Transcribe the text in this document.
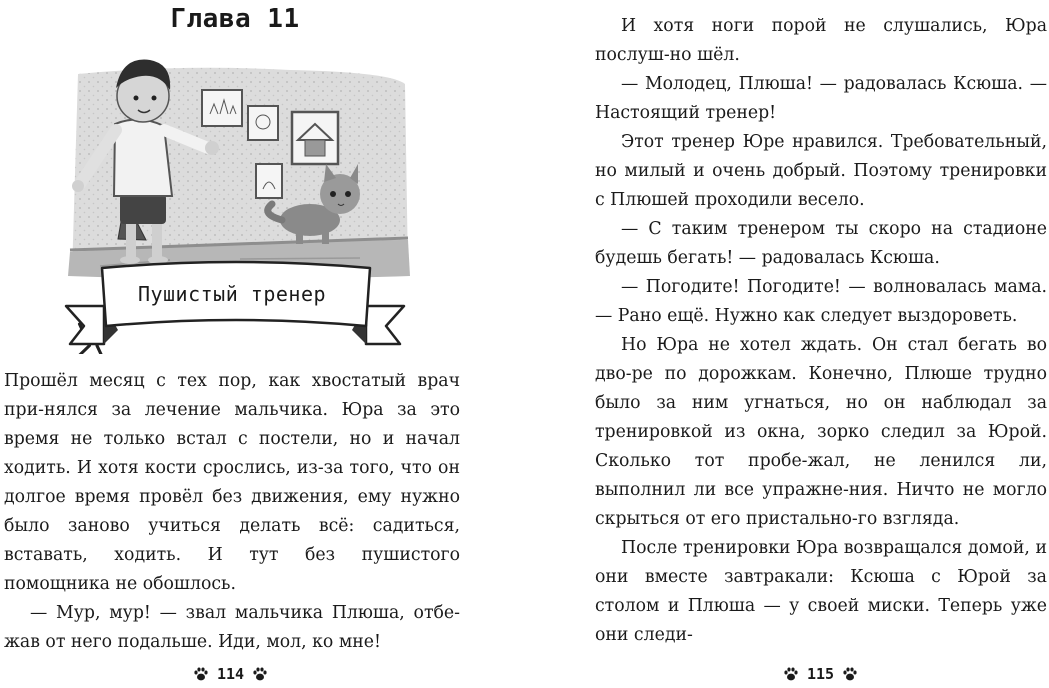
Глава 11
Пушистый тренер

Прошёл месяц с тех пор, как хвостатый врач при-нялся за лечение мальчика. Юра за это время не только встал с постели, но и начал ходить. И хотя кости срослись, из-за того, что он долгое время провёл без движения, ему нужно было заново учиться делать всё: садиться, вставать, ходить. И тут без пушистого помощника не обошлось.

— Мур, мур! — звал мальчика Плюша, отбе-жав от него подальше. Иди, мол, ко мне!

114

И хотя ноги порой не слушались, Юра послуш-но шёл.

— Молодец, Плюша! — радовалась Ксюша. — Настоящий тренер!

Этот тренер Юре нравился. Требовательный, но милый и очень добрый. Поэтому тренировки с Плюшей проходили весело.

— С таким тренером ты скоро на стадионе будешь бегать! — радовалась Ксюша.

— Погодите! Погодите! — волновалась мама. — Рано ещё. Нужно как следует выздороветь.

Но Юра не хотел ждать. Он стал бегать во дво-ре по дорожкам. Конечно, Плюше трудно было за ним угнаться, но он наблюдал за тренировкой из окна, зорко следил за Юрой. Сколько тот пробе-жал, не ленился ли, выполнил ли все упражне-ния. Ничто не могло скрыться от его пристально-го взгляда.

После тренировки Юра возвращался домой, и они вместе завтракали: Ксюша с Юрой за столом и Плюша — у своей миски. Теперь уже они следи-

115
